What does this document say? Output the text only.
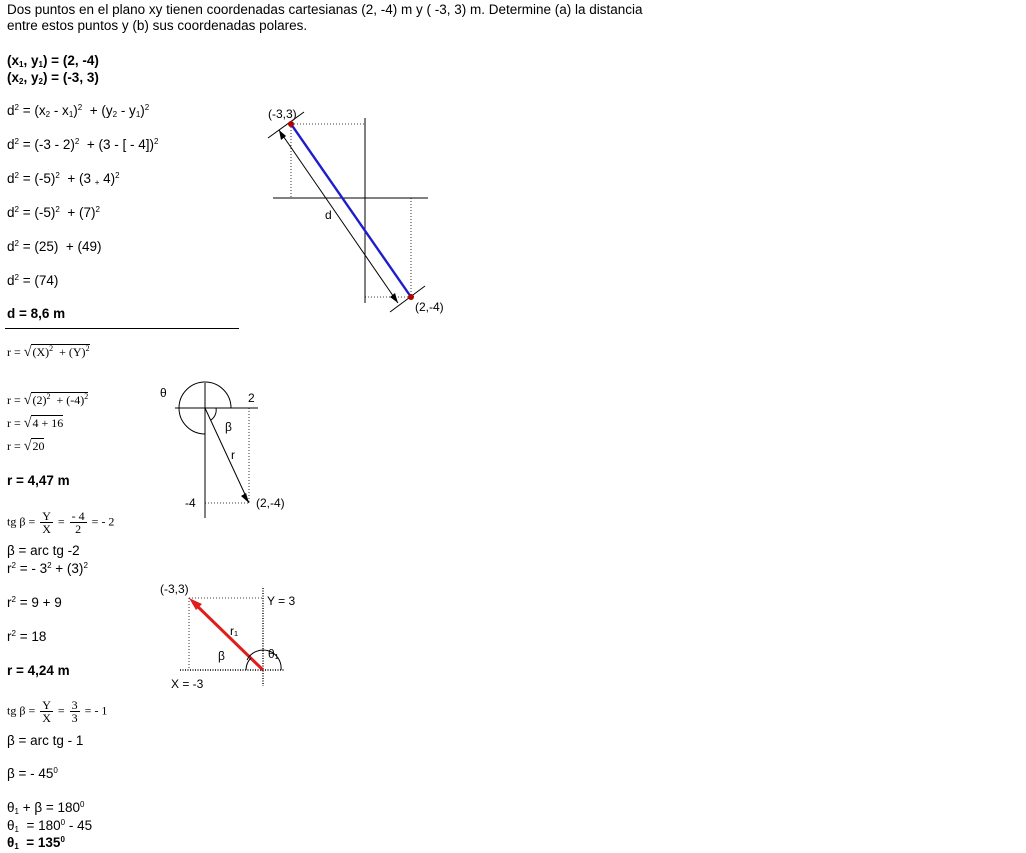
Dos puntos en el plano xy tienen coordenadas cartesianas (2, -4) m y ( -3, 3) m. Determine (a) la distancia
entre estos puntos y (b) sus coordenadas polares.
($x_1$, $y_1) = (2$, -4)
($x_2$, $y_2) = (-3$, 3)
$d^2 = (x_2 - x_1)^2 + (y_2 - y_1)^2$
$d^2 = (-3 - 2)^2 + (3$ - [ - 4])$^2$
$d^2 = (-5)^2 + (3$ $_+$ 4)$^2$
$d^2 = (-5)^2 + (7)^2$
$d^2 = (25) + (49)$
$d^2 = (74)$
d = 8,6 m
$r = √(X)^2 + (Y)^2$
$r = √(2)^2 + (-4)^2$
r = √4 + 16
r = √20
r = 4,47 m
tg $\beta = \frac{Y}{X} = \frac{- 4}{2}$ = - 2
β = arc tg -2
$r^2$ = - $3^2 + (3)^2$
$r^2 = 9 + 9$
$r^2 = 18$
r = 4,24 m
tg $\beta = \frac{Y}{X} = \frac{3}{3}$ = - 1
β = arc tg - 1
β = - $45^0$
$\theta_1 + \beta = 180^0$
$\theta_1 = 180^0 - 45$
$\theta_1 = 135^0$
(-3,3)
(2,-4)
d
θ	2
β
r
-4	(2,-4)
(-3,3)
Y = 3
r₁
β	θ₁
X = -3
